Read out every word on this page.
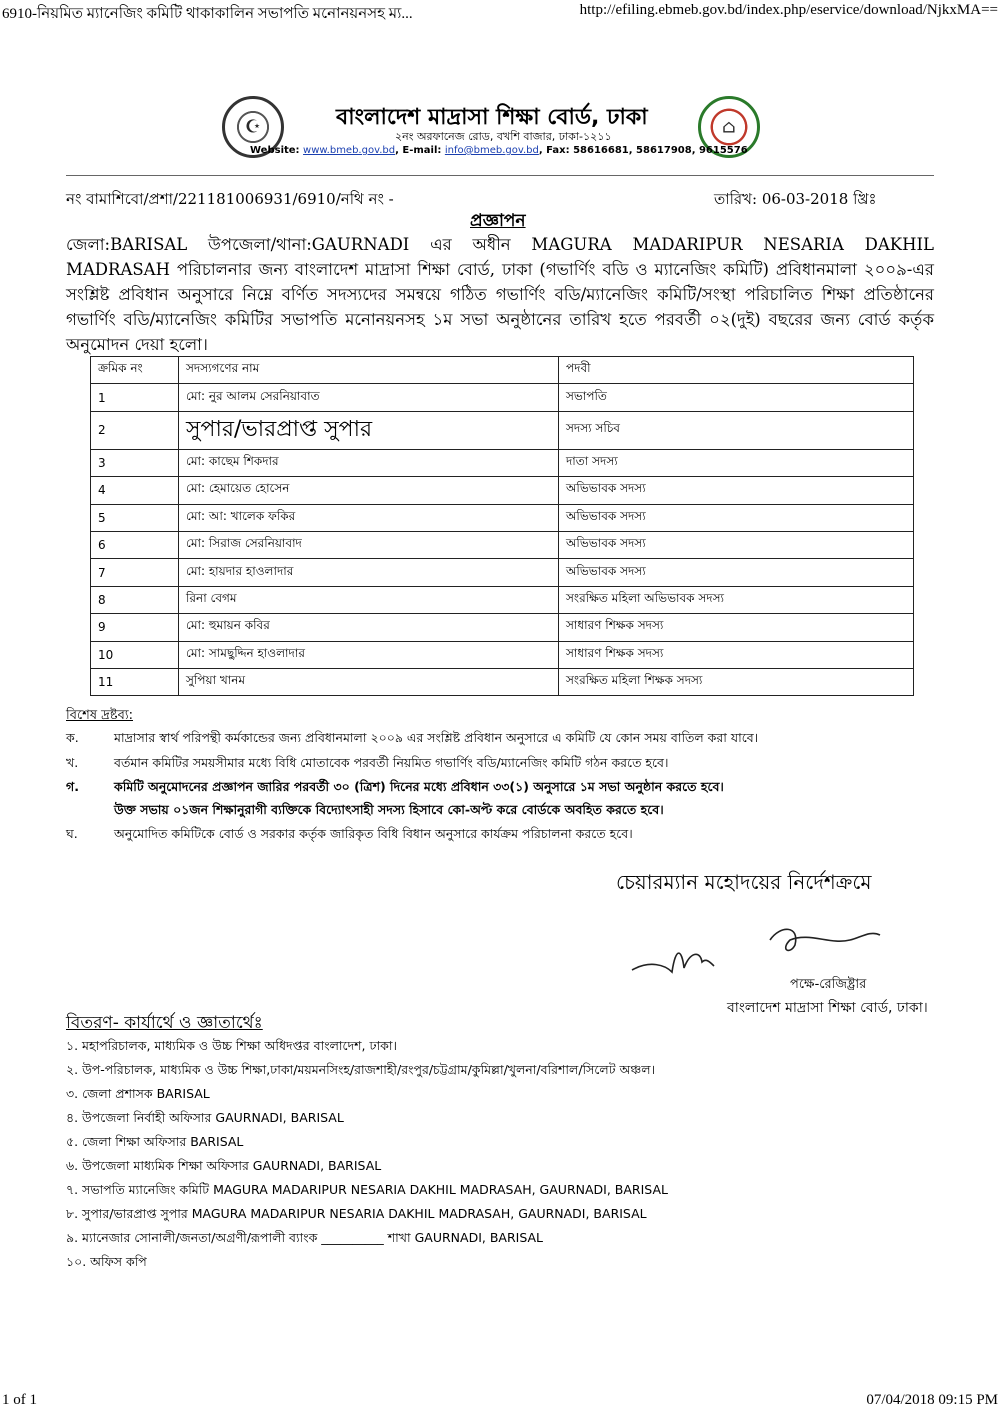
6910-নিয়মিত ম্যানেজিং কমিটি থাকাকালিন সভাপতি মনোনয়নসহ ম্য...	http://efiling.ebmeb.gov.bd/index.php/eservice/download/NjkxMA==
☪	⌂
বাংলাদেশ মাদ্রাসা শিক্ষা বোর্ড, ঢাকা
২নং অরফানেজ রোড, বখশি বাজার, ঢাকা-১২১১
Website: www.bmeb.gov.bd, E-mail: info@bmeb.gov.bd, Fax: 58616681, 58617908, 9615576
নং বামাশিবো/প্রশা/221181006931/6910/নথি নং -	তারিখ: 06-03-2018 খ্রিঃ
প্রজ্ঞাপন
জেলা:BARISAL উপজেলা/থানা:GAURNADI এর অধীন MAGURA MADARIPUR NESARIA DAKHIL MADRASAH পরিচালনার জন্য বাংলাদেশ মাদ্রাসা শিক্ষা বোর্ড, ঢাকা (গভার্ণিং বডি ও ম্যানেজিং কমিটি) প্রবিধানমালা ২০০৯-এর সংশ্লিষ্ট প্রবিধান অনুসারে নিম্নে বর্ণিত সদস্যদের সমন্বয়ে গঠিত গভার্ণিং বডি/ম্যানেজিং কমিটি/সংস্থা পরিচালিত শিক্ষা প্রতিষ্ঠানের গভার্ণিং বডি/ম্যানেজিং কমিটির সভাপতি মনোনয়নসহ ১ম সভা অনুষ্ঠানের তারিখ হতে পরবর্তী ০২(দুই) বছরের জন্য বোর্ড কর্তৃক অনুমোদন দেয়া হলো।
ক্রমিক নং	সদস্যগণের নাম	পদবী
1	মো: নুর আলম সেরনিয়াবাত	সভাপতি
2	সুপার/ভারপ্রাপ্ত সুপার	সদস্য সচিব
3	মো: কাছেম শিকদার	দাতা সদস্য
4	মো: হেমায়েত হোসেন	অভিভাবক সদস্য
5	মো: আ: খালেক ফকির	অভিভাবক সদস্য
6	মো: সিরাজ সেরনিয়াবাদ	অভিভাবক সদস্য
7	মো: হায়দার হাওলাদার	অভিভাবক সদস্য
8	রিনা বেগম	সংরক্ষিত মহিলা অভিভাবক সদস্য
9	মো: হুমায়ন কবির	সাধারণ শিক্ষক সদস্য
10	মো: সামছুদ্দিন হাওলাদার	সাধারণ শিক্ষক সদস্য
11	সুপিয়া খানম	সংরক্ষিত মহিলা শিক্ষক সদস্য
বিশেষ দ্রষ্টব্য:
ক.	মাদ্রাসার স্বার্থ পরিপন্থী কর্মকান্ডের জন্য প্রবিধানমালা ২০০৯ এর সংশ্লিষ্ট প্রবিধান অনুসারে এ কমিটি যে কোন সময় বাতিল করা যাবে।
খ.	বর্তমান কমিটির সময়সীমার মধ্যে বিধি মোতাবেক পরবর্তী নিয়মিত গভার্ণিং বডি/ম্যানেজিং কমিটি গঠন করতে হবে।
গ.	কমিটি অনুমোদনের প্রজ্ঞাপন জারির পরবর্তী ৩০ (ত্রিশ) দিনের মধ্যে প্রবিধান ৩৩(১) অনুসারে ১ম সভা অনুষ্ঠান করতে হবে।
উক্ত সভায় ০১জন শিক্ষানুরাগী ব্যক্তিকে বিদ্যোৎসাহী সদস্য হিসাবে কো-অপ্ট করে বোর্ডকে অবহিত করতে হবে।
ঘ.	অনুমোদিত কমিটিকে বোর্ড ও সরকার কর্তৃক জারিকৃত বিধি বিধান অনুসারে কার্যক্রম পরিচালনা করতে হবে।
চেয়ারম্যান মহোদয়ের নির্দেশক্রমে
পক্ষে-রেজিষ্ট্রার
বাংলাদেশ মাদ্রাসা শিক্ষা বোর্ড, ঢাকা।
বিতরণ- কার্যার্থে ও জ্ঞাতার্থেঃ
১. মহাপরিচালক, মাধ্যমিক ও উচ্চ শিক্ষা অধিদপ্তর বাংলাদেশ, ঢাকা।
২. উপ-পরিচালক, মাধ্যমিক ও উচ্চ শিক্ষা,ঢাকা/ময়মনসিংহ/রাজশাহী/রংপুর/চট্টগ্রাম/কুমিল্লা/খুলনা/বরিশাল/সিলেট অঞ্চল।
৩. জেলা প্রশাসক BARISAL
৪. উপজেলা নির্বাহী অফিসার GAURNADI, BARISAL
৫. জেলা শিক্ষা অফিসার BARISAL
৬. উপজেলা মাধ্যমিক শিক্ষা অফিসার GAURNADI, BARISAL
৭. সভাপতি ম্যানেজিং কমিটি MAGURA MADARIPUR NESARIA DAKHIL MADRASAH, GAURNADI, BARISAL
৮. সুপার/ভারপ্রাপ্ত সুপার MAGURA MADARIPUR NESARIA DAKHIL MADRASAH, GAURNADI, BARISAL
৯. ম্যানেজার সোনালী/জনতা/অগ্রণী/রূপালী ব্যাংক __________ শাখা GAURNADI, BARISAL
১০. অফিস কপি
1 of 1	07/04/2018 09:15 PM
